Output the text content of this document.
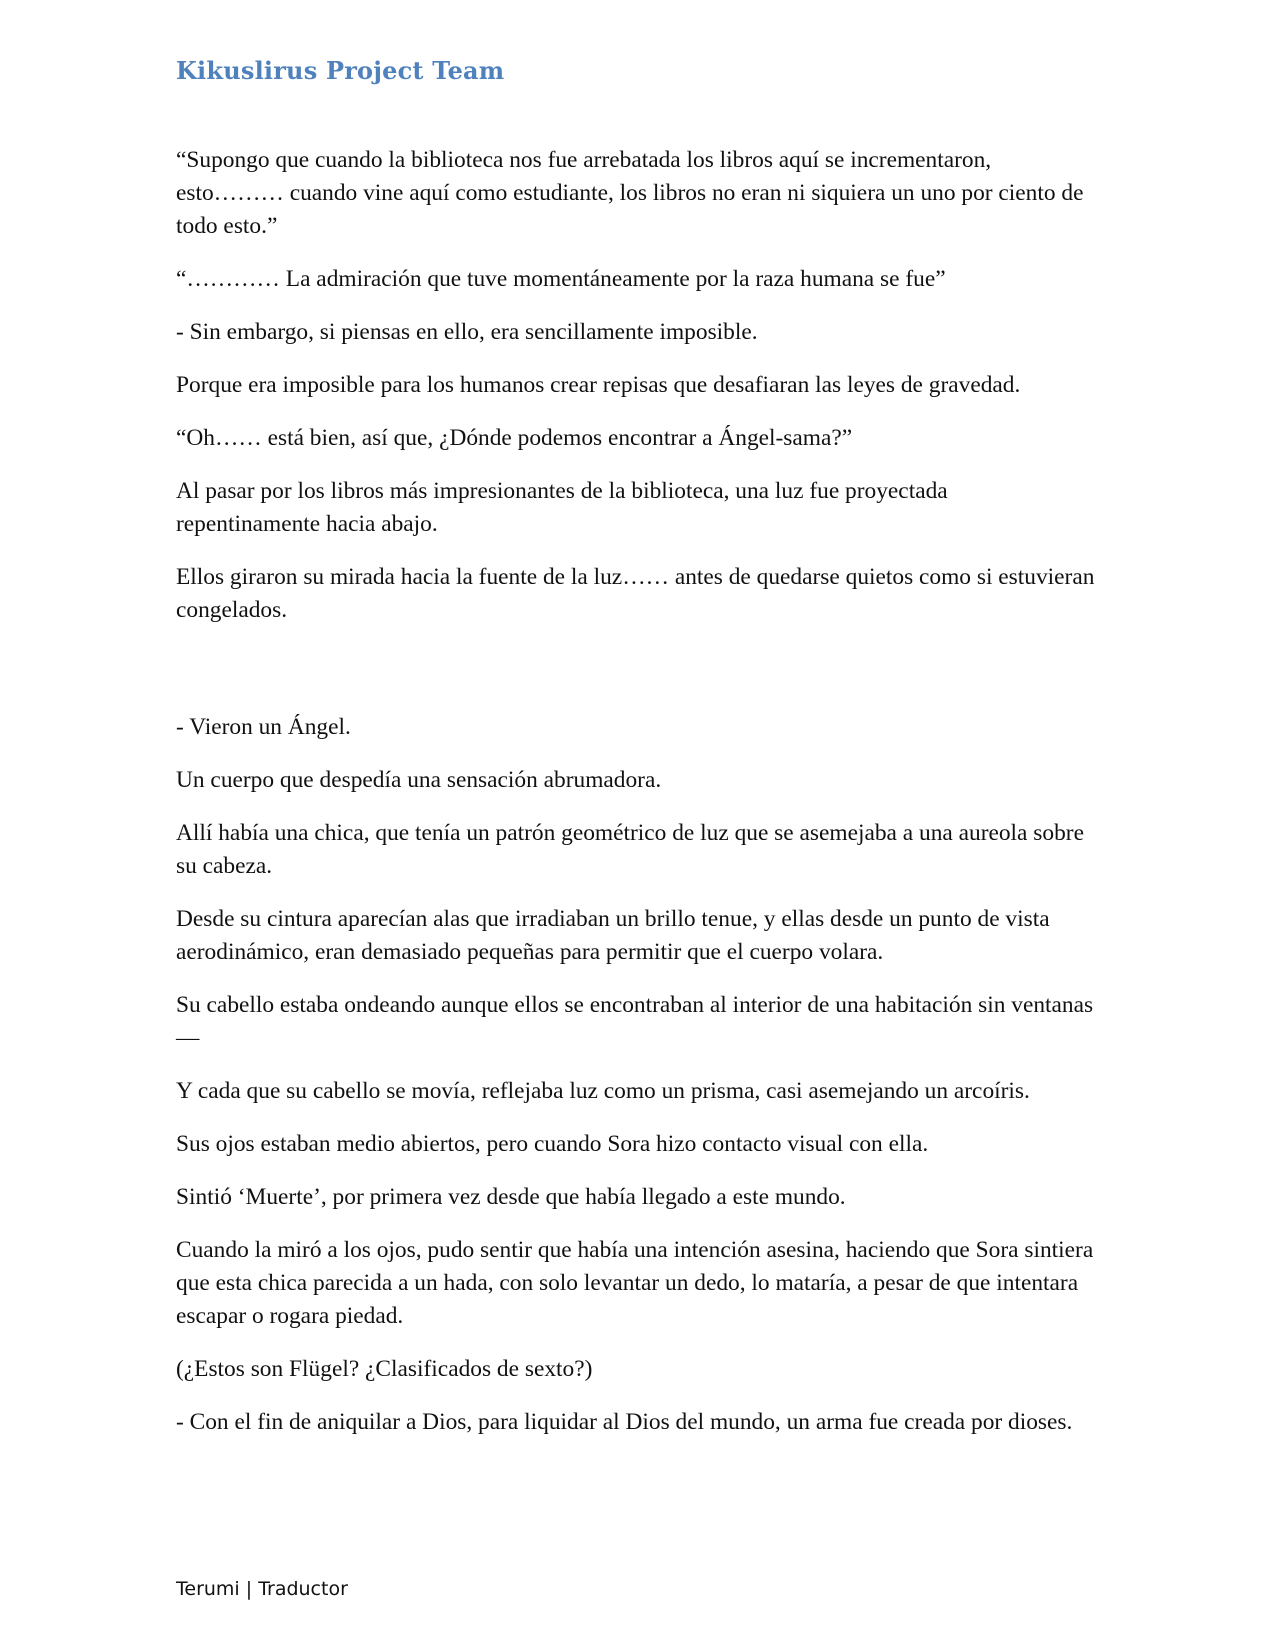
Kikuslirus Project Team

“Supongo que cuando la biblioteca nos fue arrebatada los libros aquí se incrementaron, esto……… cuando vine aquí como estudiante, los libros no eran ni siquiera un uno por ciento de todo esto.”

“………… La admiración que tuve momentáneamente por la raza humana se fue”

- Sin embargo, si piensas en ello, era sencillamente imposible.

Porque era imposible para los humanos crear repisas que desafiaran las leyes de gravedad.

“Oh…… está bien, así que, ¿Dónde podemos encontrar a Ángel-sama?”

Al pasar por los libros más impresionantes de la biblioteca, una luz fue proyectada repentinamente hacia abajo.

Ellos giraron su mirada hacia la fuente de la luz…… antes de quedarse quietos como si estuvieran congelados.

- Vieron un Ángel.

Un cuerpo que despedía una sensación abrumadora.

Allí había una chica, que tenía un patrón geométrico de luz que se asemejaba a una aureola sobre su cabeza.

Desde su cintura aparecían alas que irradiaban un brillo tenue, y ellas desde un punto de vista aerodinámico, eran demasiado pequeñas para permitir que el cuerpo volara.

Su cabello estaba ondeando aunque ellos se encontraban al interior de una habitación sin ventanas—

Y cada que su cabello se movía, reflejaba luz como un prisma, casi asemejando un arcoíris.

Sus ojos estaban medio abiertos, pero cuando Sora hizo contacto visual con ella.

Sintió ‘Muerte’, por primera vez desde que había llegado a este mundo.

Cuando la miró a los ojos, pudo sentir que había una intención asesina, haciendo que Sora sintiera que esta chica parecida a un hada, con solo levantar un dedo, lo mataría, a pesar de que intentara escapar o rogara piedad.

(¿Estos son Flügel? ¿Clasificados de sexto?)

- Con el fin de aniquilar a Dios, para liquidar al Dios del mundo, un arma fue creada por dioses.

Terumi | Traductor
